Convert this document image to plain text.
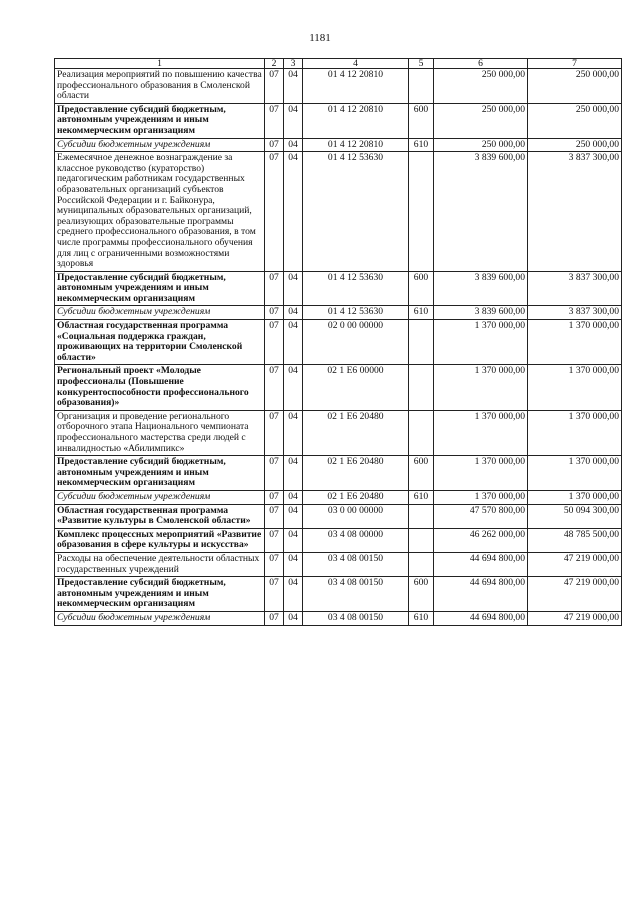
1181
1	2	3	4	5	6	7
Реализация мероприятий по повышению качества профессионального образования в Смоленской области	07	04	01 4 12 20810		250 000,00	250 000,00
Предоставление субсидий бюджетным, автономным учреждениям и иным некоммерческим организациям	07	04	01 4 12 20810	600	250 000,00	250 000,00
Субсидии бюджетным учреждениям	07	04	01 4 12 20810	610	250 000,00	250 000,00
Ежемесячное денежное вознаграждение за классное руководство (кураторство) педагогическим работникам государственных образовательных организаций субъектов Российской Федерации и г. Байконура, муниципальных образовательных организаций, реализующих образовательные программы среднего профессионального образования, в том числе программы профессионального обучения для лиц с ограниченными возможностями здоровья	07	04	01 4 12 53630		3 839 600,00	3 837 300,00
Предоставление субсидий бюджетным, автономным учреждениям и иным некоммерческим организациям	07	04	01 4 12 53630	600	3 839 600,00	3 837 300,00
Субсидии бюджетным учреждениям	07	04	01 4 12 53630	610	3 839 600,00	3 837 300,00
Областная государственная программа «Социальная поддержка граждан, проживающих на территории Смоленской области»	07	04	02 0 00 00000		1 370 000,00	1 370 000,00
Региональный проект «Молодые профессионалы (Повышение конкурентоспособности профессионального образования)»	07	04	02 1 Е6 00000		1 370 000,00	1 370 000,00
Организация и проведение регионального отборочного этапа Национального чемпионата профессионального мастерства среди людей с инвалидностью «Абилимпикс»	07	04	02 1 Е6 20480		1 370 000,00	1 370 000,00
Предоставление субсидий бюджетным, автономным учреждениям и иным некоммерческим организациям	07	04	02 1 Е6 20480	600	1 370 000,00	1 370 000,00
Субсидии бюджетным учреждениям	07	04	02 1 Е6 20480	610	1 370 000,00	1 370 000,00
Областная государственная программа «Развитие культуры в Смоленской области»	07	04	03 0 00 00000		47 570 800,00	50 094 300,00
Комплекс процессных мероприятий «Развитие образования в сфере культуры и искусства»	07	04	03 4 08 00000		46 262 000,00	48 785 500,00
Расходы на обеспечение деятельности областных государственных учреждений	07	04	03 4 08 00150		44 694 800,00	47 219 000,00
Предоставление субсидий бюджетным, автономным учреждениям и иным некоммерческим организациям	07	04	03 4 08 00150	600	44 694 800,00	47 219 000,00
Субсидии бюджетным учреждениям	07	04	03 4 08 00150	610	44 694 800,00	47 219 000,00
